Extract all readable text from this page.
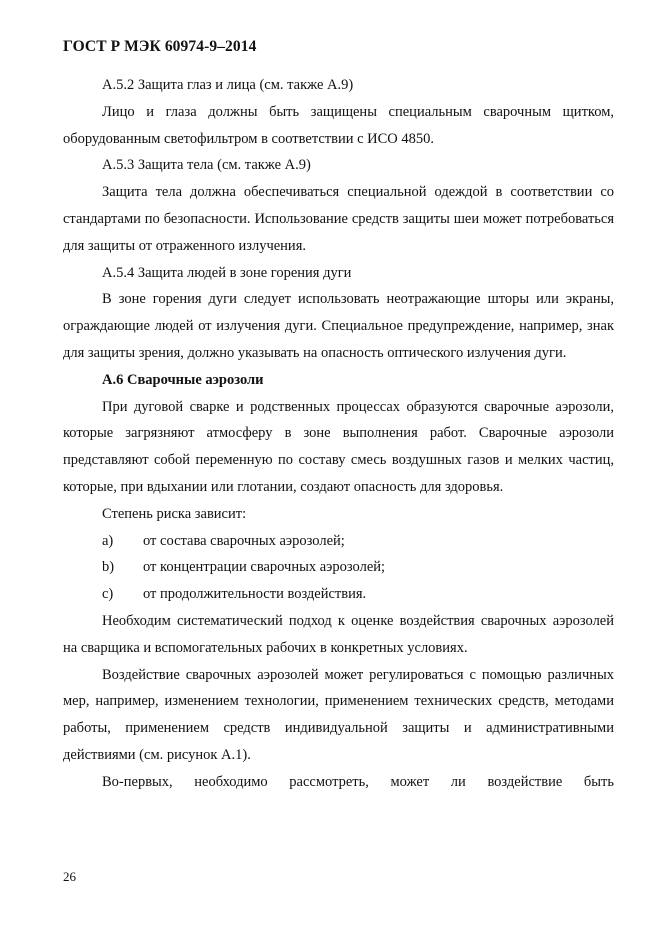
ГОСТ Р МЭК 60974-9–2014

А.5.2 Защита глаз и лица (см. также А.9)

Лицо и глаза должны быть защищены специальным сварочным щитком, оборудованным светофильтром в соответствии с ИСО 4850.

А.5.3 Защита тела (см. также А.9)

Защита тела должна обеспечиваться специальной одеждой в соответствии со стандартами по безопасности. Использование средств защиты шеи может потребоваться для защиты от отраженного излучения.

А.5.4 Защита людей в зоне горения дуги

В зоне горения дуги следует использовать неотражающие шторы или экраны, ограждающие людей от излучения дуги. Специальное предупреждение, например, знак для защиты зрения, должно указывать на опасность оптического излучения дуги.

А.6 Сварочные аэрозоли

При дуговой сварке и родственных процессах образуются сварочные аэрозоли, которые загрязняют атмосферу в зоне выполнения работ. Сварочные аэрозоли представляют собой переменную по составу смесь воздушных газов и мелких частиц, которые, при вдыхании или глотании, создают опасность для здоровья.

Степень риска зависит:

a)	от состава сварочных аэрозолей;
b)	от концентрации сварочных аэрозолей;
c)	от продолжительности воздействия.

Необходим систематический подход к оценке воздействия сварочных аэрозолей на сварщика и вспомогательных рабочих в конкретных условиях.

Воздействие сварочных аэрозолей может регулироваться с помощью различных мер, например, изменением технологии, применением технических средств, методами работы, применением средств индивидуальной защиты и административными действиями (см. рисунок А.1).

Во-первых, необходимо рассмотреть, может ли воздействие быть

26
